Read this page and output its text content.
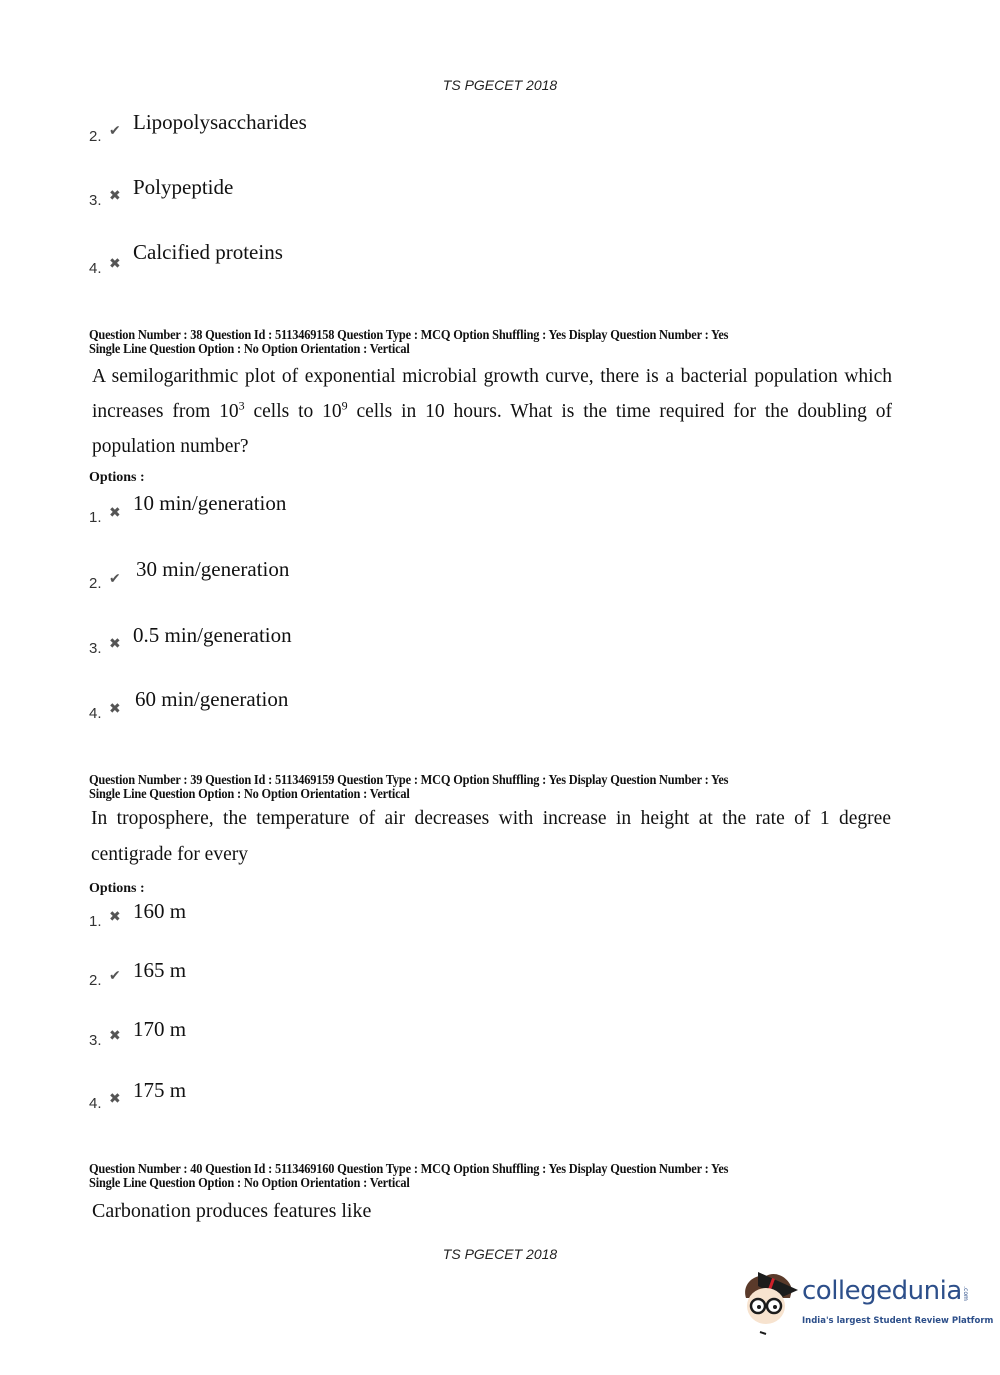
TS PGECET 2018
2. ✔ Lipopolysaccharides
3. ✖ Polypeptide
4. ✖ Calcified proteins
Question Number : 38 Question Id : 5113469158 Question Type : MCQ Option Shuffling : Yes Display Question Number : Yes
Single Line Question Option : No Option Orientation : Vertical
A semilogarithmic plot of exponential microbial growth curve, there is a bacterial population which increases from $10^3$ cells to $10^9$ cells in 10 hours. What is the time required for the doubling of population number?
Options :
1. ✖ 10 min/generation
2. ✔ 30 min/generation
3. ✖ 0.5 min/generation
4. ✖ 60 min/generation
Question Number : 39 Question Id : 5113469159 Question Type : MCQ Option Shuffling : Yes Display Question Number : Yes
Single Line Question Option : No Option Orientation : Vertical
In troposphere, the temperature of air decreases with increase in height at the rate of 1 degree centigrade for every
Options :
1. ✖ 160 m
2. ✔ 165 m
3. ✖ 170 m
4. ✖ 175 m
Question Number : 40 Question Id : 5113469160 Question Type : MCQ Option Shuffling : Yes Display Question Number : Yes
Single Line Question Option : No Option Orientation : Vertical
Carbonation produces features like
TS PGECET 2018
collegedunia .com
India's largest Student Review Platform
